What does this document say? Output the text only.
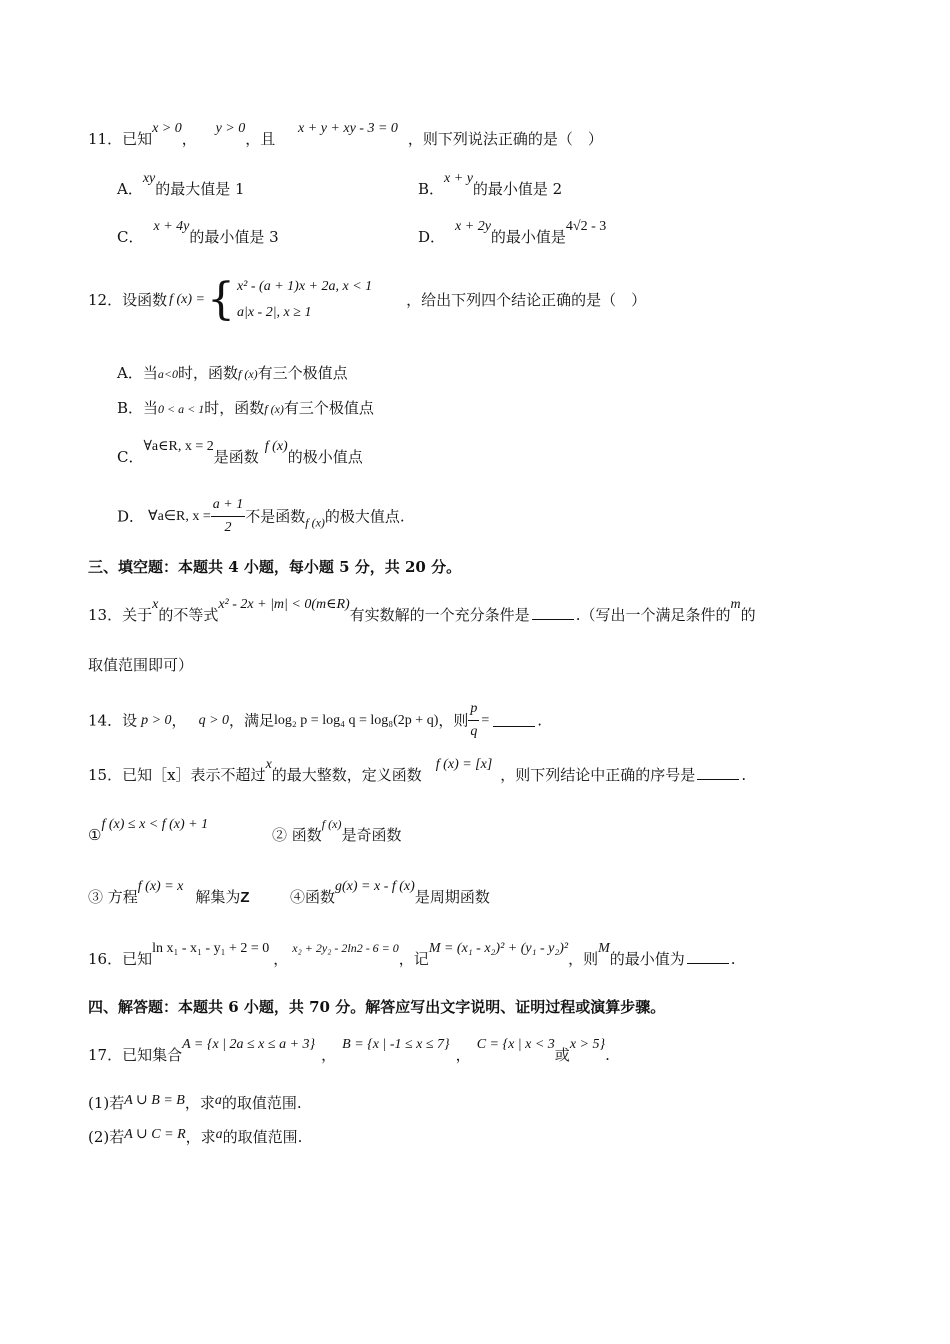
11．已知x > 0， y > 0，且 x + y + xy - 3 = 0，则下列说法正确的是（　）
A．xy的最大值是 1	B．x + y的最小值是 2
C．x + 4y的最小值是 3	D．x + 2y的最小值是4√2 - 3
12．设函数 f (x) ={ x² - (a + 1)x + 2a, x < 1
a|x - 2|, x ≥ 1
，给出下列四个结论正确的是（　）
A．当a<0时，函数f (x)有三个极值点
B．当0 < a < 1时，函数f (x)有三个极值点
C．∀a∈R, x = 2是函数f (x)的极小值点
D． ∀a∈R, $x = \frac{a + 1}{2}$ 不是函数$_{f (x)}$的极大值点.
三、填空题：本题共 4 小题，每小题 5 分，共 20 分。
13．关于x的不等式x² - 2x + |m| < 0(m∈R)有实数解的一个充分条件是	.（写出一个满足条件的m的
取值范围即可）
14．设 p > 0， q > 0，满足log₂ p = log₄ q = log₈(2p + q)，则 $\frac{p}{q}$ =	.
15．已知［x］表示不超过x的最大整数，定义函数f (x) = [x]，则下列结论中正确的序号是	.
①f (x) ≤ x < f (x) + 1
② 函数$^{f (x)}$是奇函数
③ 方程f (x) = x解集为Z	④函数g(x) = x - f (x)是周期函数
16．已知ln x₁ - x₁ - y₁ + 2 = 0，$^{x_2 + 2y_2 - 2ln2 - 6 = 0}$，记M = (x₁ - x₂)² + (y₁ - y₂)²，则M的最小值为	.
四、解答题：本题共 6 小题，共 70 分。解答应写出文字说明、证明过程或演算步骤。
17．已知集合A = {x | 2a ≤ x ≤ a + 3}，B = {x | -1 ≤ x ≤ 7}，C = {x | x < 3或x > 5}.
(1)若A ∪ B = B，求a的取值范围.
(2)若A ∪ C = R，求a的取值范围.
